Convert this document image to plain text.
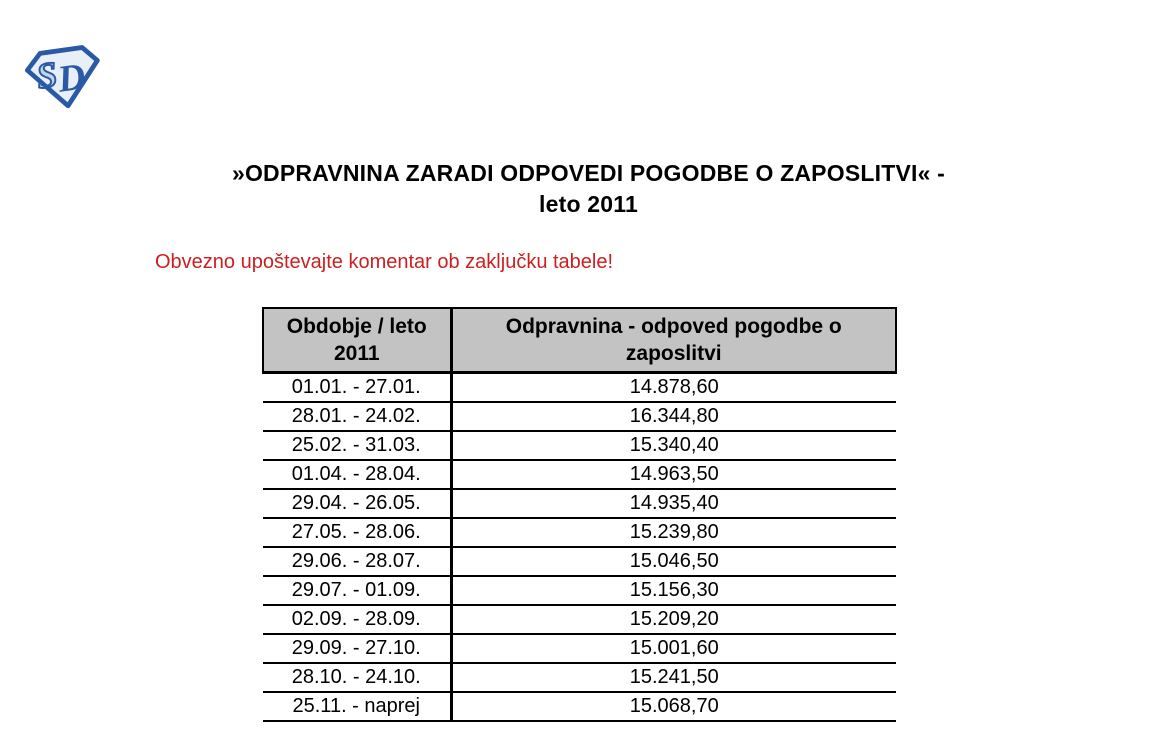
S
D
»ODPRAVNINA ZARADI ODPOVEDI POGODBE O ZAPOSLITVI« -
leto 2011
Obvezno upoštevajte komentar ob zaključku tabele!
Obdobje / leto 2011	Odpravnina - odpoved pogodbe o zaposlitvi
01.01. - 27.01.	14.878,60
28.01. - 24.02.	16.344,80
25.02. - 31.03.	15.340,40
01.04. - 28.04.	14.963,50
29.04. - 26.05.	14.935,40
27.05. - 28.06.	15.239,80
29.06. - 28.07.	15.046,50
29.07. - 01.09.	15.156,30
02.09. - 28.09.	15.209,20
29.09. - 27.10.	15.001,60
28.10. - 24.10.	15.241,50
25.11. - naprej	15.068,70
